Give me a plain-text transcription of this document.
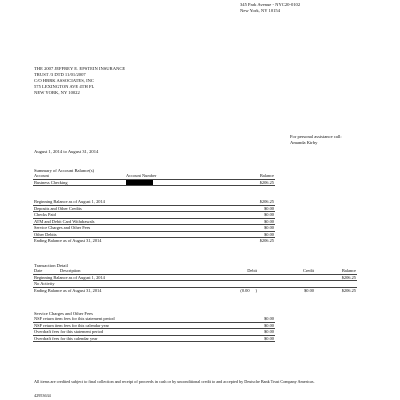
345 Park Avenue - NYC20-0102
New York, NY 10154
THE 2007 JEFFREY E. EPSTEIN INSURANCE
TRUST /3 DTD 11/01/2007
C/O HBRK ASSOCIATES, INC
575 LEXINGTON AVE 4TH FL
NEW YORK, NY 10022
For personal assistance call:
Amanda Kirby
August 1, 2014 to August 31, 2014
Summary of Account Balance(s)
Account	Account Number	Balance
Business Checking		$206.25
Beginning Balance as of August 1, 2014	$206.25
Deposits and Other Credits	$0.00
Checks Paid	$0.00
ATM and Debit Card Withdrawals	$0.00
Service Charges and Other Fees	$0.00
Other Debits	$0.00
Ending Balance as of August 31, 2014	$206.25
Transaction Detail
Date	Description	Debit	Credit	Balance
Beginning Balance as of August 1, 2014				$206.25
No Activity				
Ending Balance as of August 31, 2014		(0.00 )	$0.00	$206.25
Service Charges and Other Fees
NSF return item fees for this statement period	$0.00
NSF return item fees for this calendar year	$0.00
Overdraft fees for this statement period	$0.00
Overdraft fees for this calendar year	$0.00
All items are credited subject to final collection and receipt of proceeds in cash or by unconditional credit to and accepted by Deutsche Bank Trust Company Americas.
42953634
